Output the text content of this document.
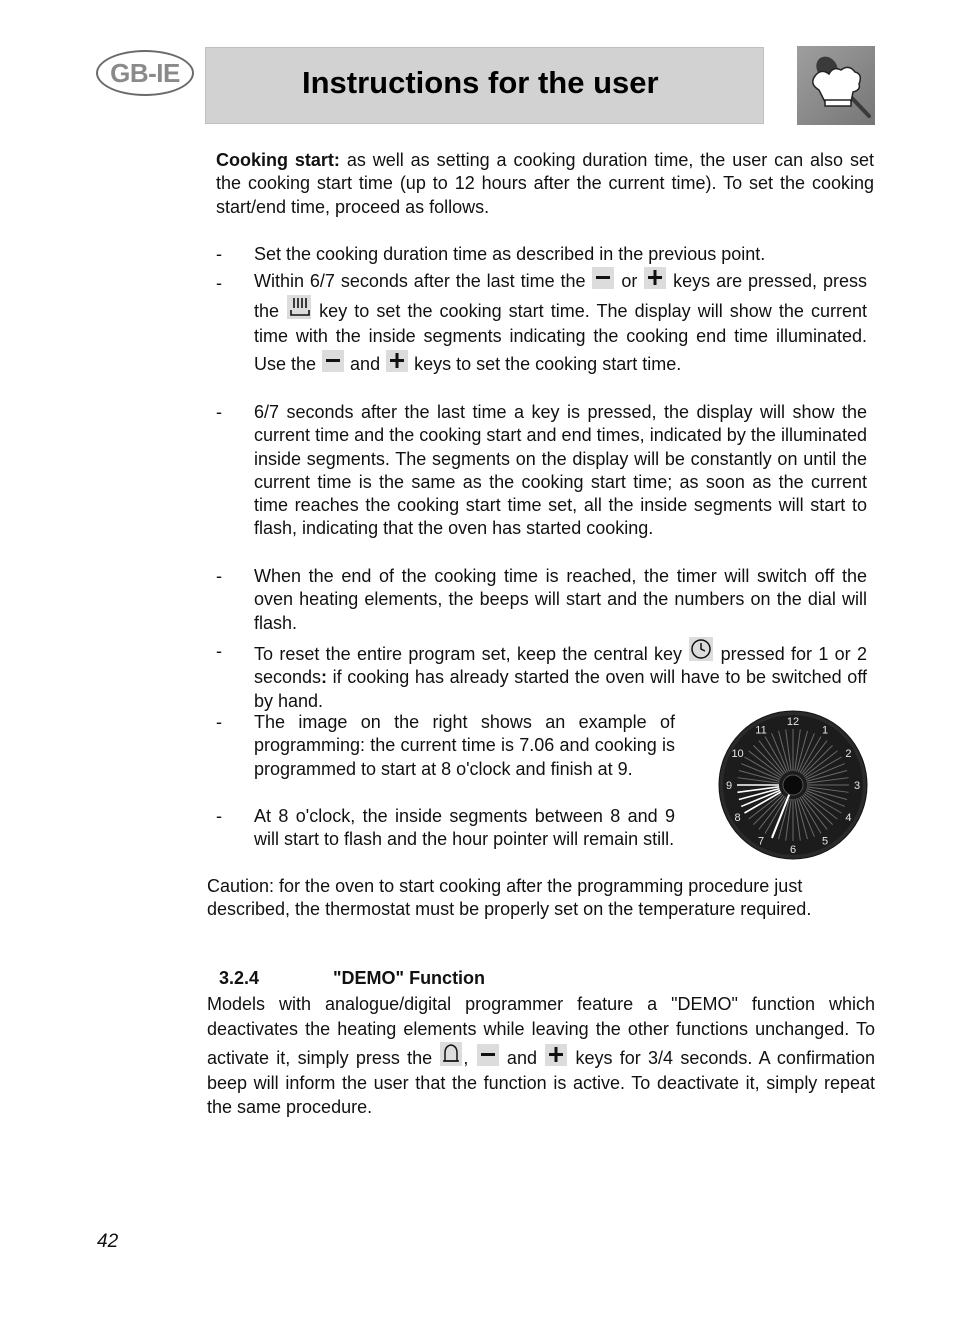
GB-IE	Instructions for the user

Cooking start: as well as setting a cooking duration time, the user can also set the cooking start time (up to 12 hours after the current time). To set the cooking start/end time, proceed as follows.

- Set the cooking duration time as described in the previous point.
- Within 6/7 seconds after the last time the  or  keys are pressed, press the  key to set the cooking start time. The display will show the current time with the inside segments indicating the cooking end time illuminated. Use the  and  keys to set the cooking start time.
- 6/7 seconds after the last time a key is pressed, the display will show the current time and the cooking start and end times, indicated by the illuminated inside segments. The segments on the display will be constantly on until the current time is the same as the cooking start time; as soon as the current time reaches the cooking start time set, all the inside segments will start to flash, indicating that the oven has started cooking.
- When the end of the cooking time is reached, the timer will switch off the oven heating elements, the beeps will start and the numbers on the dial will flash.
- To reset the entire program set, keep the central key  pressed for 1 or 2 seconds: if cooking has already started the oven will have to be switched off by hand.
- The image on the right shows an example of programming: the current time is 7.06 and cooking is programmed to start at 8 o'clock and finish at 9.
- At 8 o'clock, the inside segments between 8 and 9 will start to flash and the hour pointer will remain still.
12
1
2
3
4
5
6
7
8
9
10
11

Caution: for the oven to start cooking after the programming procedure just described, the thermostat must be properly set on the temperature required.

3.2.4	"DEMO" Function

Models with analogue/digital programmer feature a "DEMO" function which deactivates the heating elements while leaving the other functions unchanged. To activate it, simply press the ,  and  keys for 3/4 seconds. A confirmation beep will inform the user that the function is active. To deactivate it, simply repeat the same procedure.

42
